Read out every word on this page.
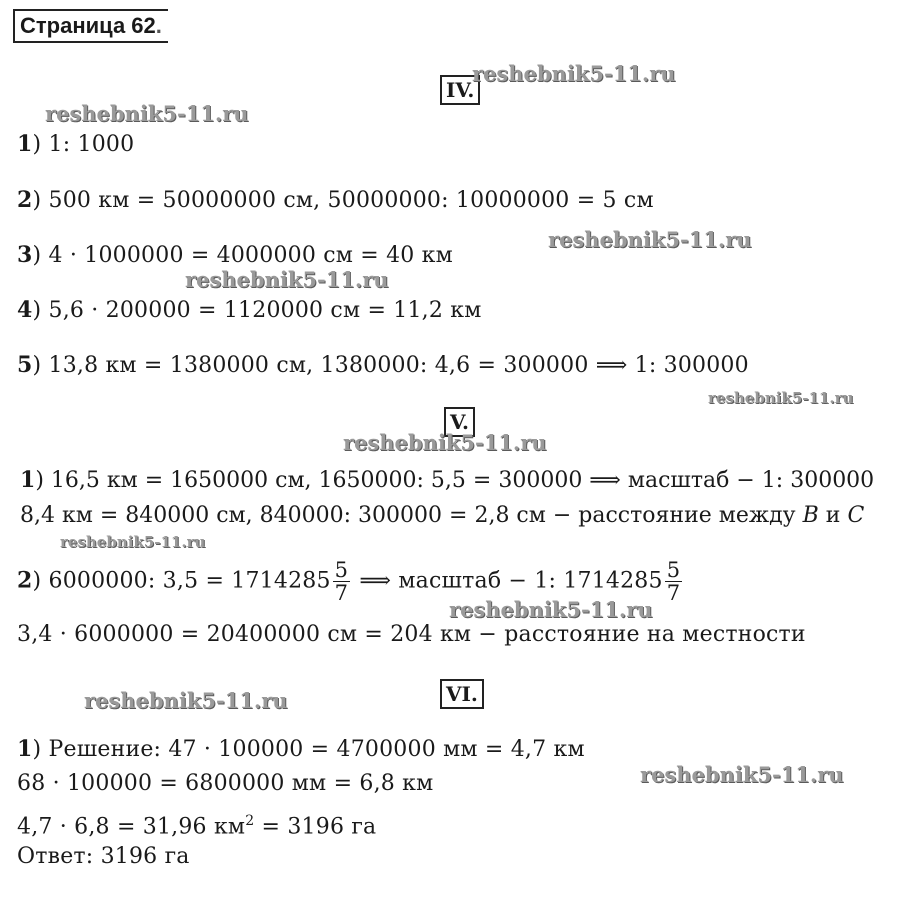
Страница 62.
IV.
1) 1: 1000
2) 500 км = 50000000 см, 50000000: 10000000 = 5 см
3) 4 · 1000000 = 4000000 см = 40 км
4) 5,6 · 200000 = 1120000 см = 11,2 км
5) 13,8 км = 1380000 см, 1380000: 4,6 = 300000 ⟹ 1: 300000
V.
1) 16,5 км = 1650000 см, 1650000: 5,5 = 300000 ⟹ масштаб − 1: 300000
8,4 км = 840000 см, 840000: 300000 = 2,8 см − расстояние между B и C
2) 6000000: $3,5 = 1714285 \frac{5}{7}$ ⟹ масштаб − 1: $1714285 \frac{5}{7}$
3,4 · 6000000 = 20400000 см = 204 км − расстояние на местности
VI.
1) Решение: 47 · 100000 = 4700000 мм = 4,7 км
68 · 100000 = 6800000 мм = 6,8 км
4,7 · 6,8 = 31,96 $км^2 = 3196$ га
Ответ: 3196 га
reshebnik5-11.ru
reshebnik5-11.ru
reshebnik5-11.ru
reshebnik5-11.ru
reshebnik5-11.ru
reshebnik5-11.ru
reshebnik5-11.ru
reshebnik5-11.ru
reshebnik5-11.ru
reshebnik5-11.ru
